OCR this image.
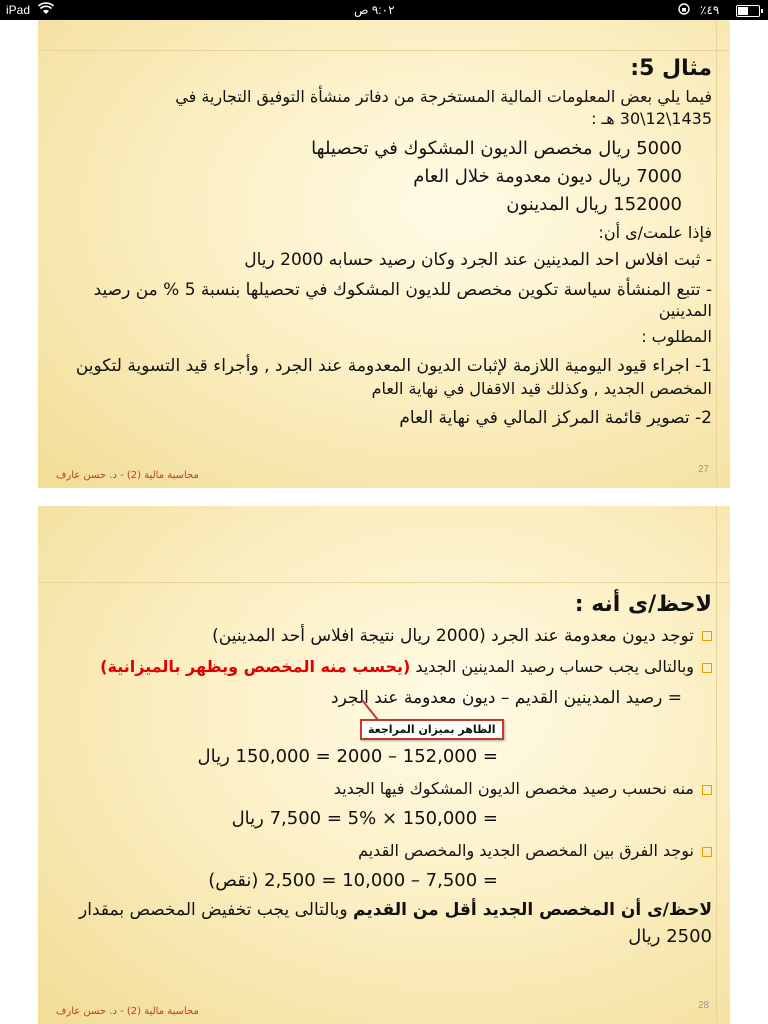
iPad	٩:٠٢ ص	٪٤٩
مثال 5:
فيما يلي بعض المعلومات المالية المستخرجة من دفاتر منشأة التوفيق التجارية في
1435\12\30 هـ :
5000 ريال مخصص الديون المشكوك في تحصيلها
7000 ريال ديون معدومة خلال العام
152000 ريال المدينون
فإذا علمت/ى أن:
- ثبت افلاس احد المدينين عند الجرد وكان رصيد حسابه 2000 ريال
- تتبع المنشأة سياسة تكوين مخصص للديون المشكوك في تحصيلها بنسبة 5 % من رصيد
المدينين
المطلوب :
1- اجراء قيود اليومية اللازمة لإثبات الديون المعدومة عند الجرد , وأجراء قيد التسوية لتكوين
المخصص الجديد , وكذلك قيد الاقفال في نهاية العام
2- تصوير قائمة المركز المالي في نهاية العام
محاسبة مالية (2) - د. حسن عارف
27
لاحظ/ى أنه :
توجد ديون معدومة عند الجرد (2000 ريال نتيجة افلاس أحد المدينين)
وبالتالى يجب حساب رصيد المدينين الجديد (يحسب منه المخصص ويظهر بالميزانية)
= رصيد المدينين القديم – ديون معدومة عند الجرد
الظاهر بميزان المراجعة
= 152,000 – 2000 = 150,000 ريال
منه نحسب رصيد مخصص الديون المشكوك فيها الجديد
= 150,000 × 5% = 7,500 ريال
نوجد الفرق بين المخصص الجديد والمخصص القديم
= 7,500 – 10,000 = 2,500 (نقص)
لاحظ/ى أن المخصص الجديد أقل من القديم وبالتالى يجب تخفيض المخصص بمقدار
2500 ريال
محاسبة مالية (2) - د. حسن عارف
28
